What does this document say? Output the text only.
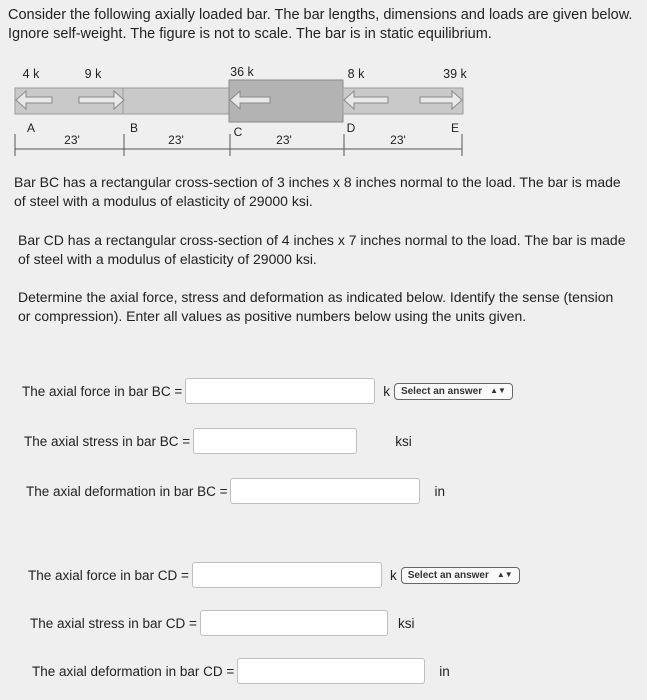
Consider the following axially loaded bar. The bar lengths, dimensions and loads are given below. Ignore self-weight. The figure is not to scale. The bar is in static equilibrium.

4 k	9 k	36 k	8 k	39 k
A	B	C	D	E
23'	23'	23'	23'

Bar BC has a rectangular cross-section of 3 inches x 8 inches normal to the load. The bar is made of steel with a modulus of elasticity of 29000 ksi.

Bar CD has a rectangular cross-section of 4 inches x 7 inches normal to the load. The bar is made of steel with a modulus of elasticity of 29000 ksi.

Determine the axial force, stress and deformation as indicated below. Identify the sense (tension or compression). Enter all values as positive numbers below using the units given.

The axial force in bar BC =	k Select an answer ▲▼
The axial stress in bar BC =	ksi
The axial deformation in bar BC =	in
The axial force in bar CD =	k Select an answer ▲▼
The axial stress in bar CD =	ksi
The axial deformation in bar CD =	in
